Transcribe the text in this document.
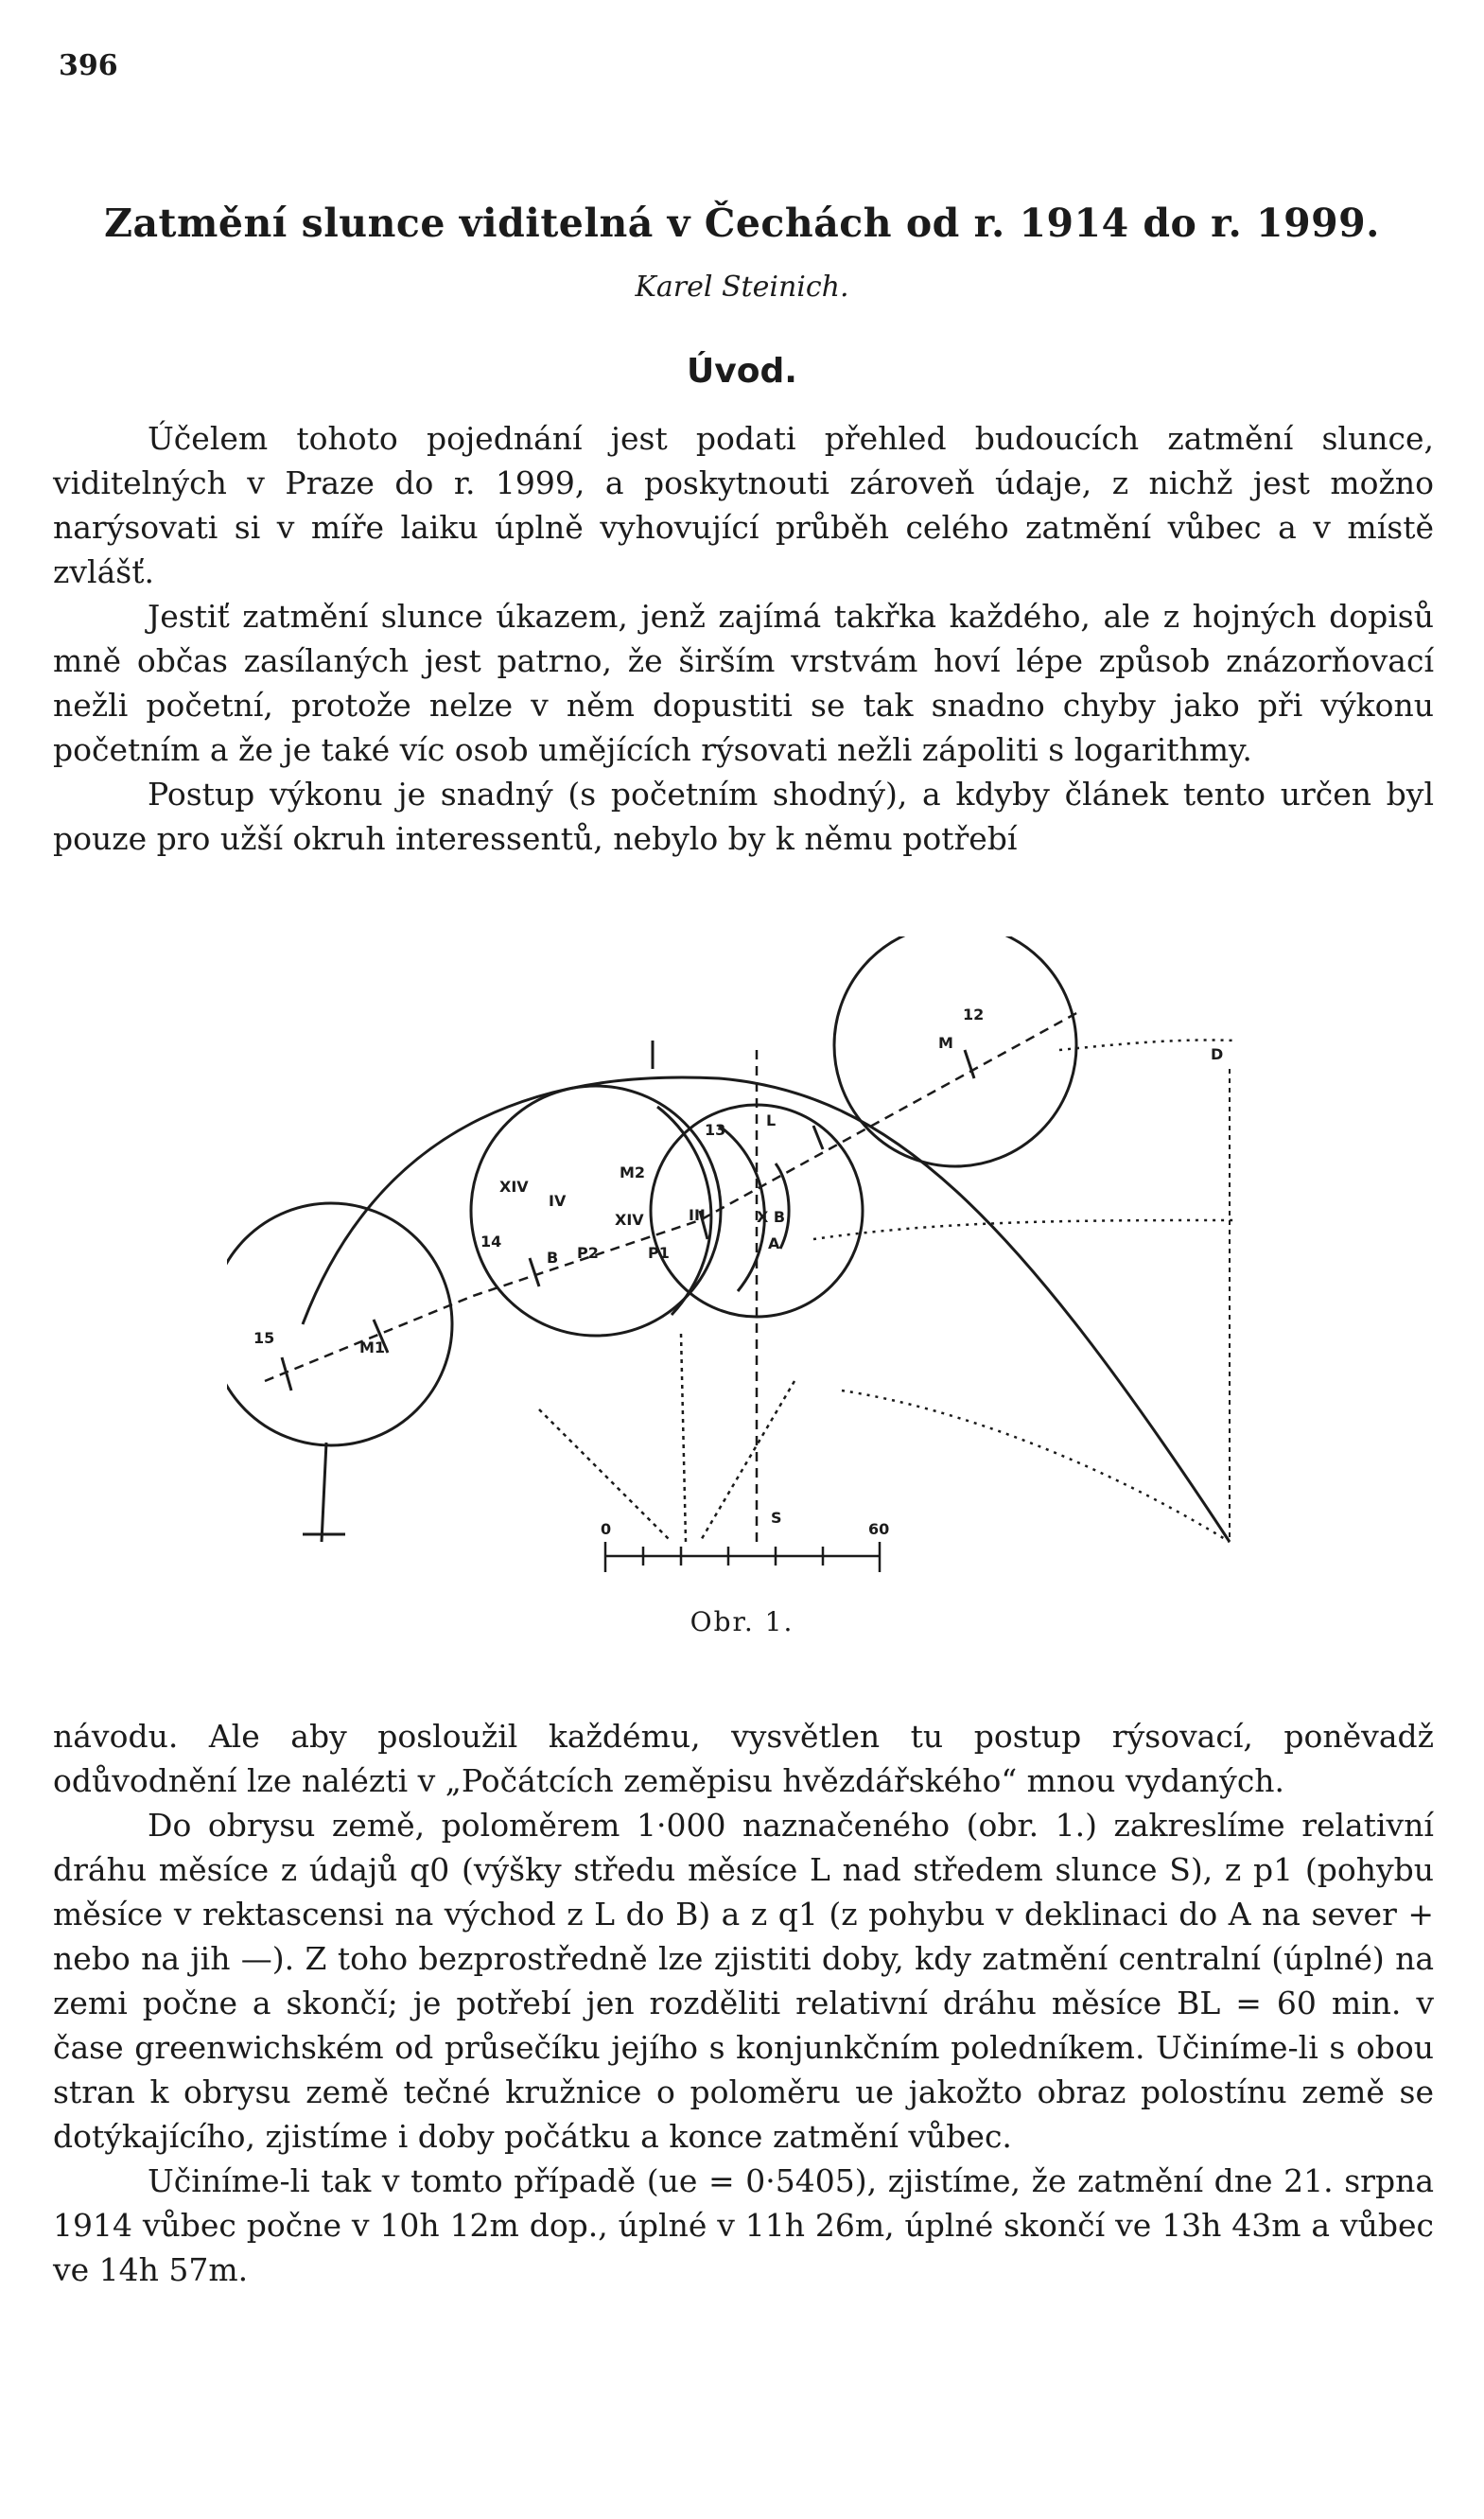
396
Zatmění slunce viditelná v Čechách od r. 1914 do r. 1999.
Karel Steinich.
Úvod.

Účelem tohoto pojednání jest podati přehled budoucích zatmění slunce, viditelných v Praze do r. 1999, a poskytnouti zároveň údaje, z nichž jest možno narýsovati si v míře laiku úplně vyhovující průběh celého zatmění vůbec a v místě zvlášť.

Jestiť zatmění slunce úkazem, jenž zajímá takřka každého, ale z hojných dopisů mně občas zasílaných jest patrno, že širším vrstvám hoví lépe způsob znázorňovací nežli početní, protože nelze v něm dopustiti se tak snadno chyby jako při výkonu početním a že je také víc osob umějících rýsovati nežli zápoliti s logarithmy.

Postup výkonu je snadný (s početním shodný), a kdyby článek tento určen byl pouze pro užší okruh interessentů, nebylo by k němu potřebí

15
M1
14
XIV
IV
XIV
B P2
M2
P1
III
13
L
X B
A
12
M
S
D
0	60
Obr. 1.

návodu. Ale aby posloužil každému, vysvětlen tu postup rýsovací, poněvadž odůvodnění lze nalézti v „Počátcích zeměpisu hvězdářského“ mnou vydaných.

Do obrysu země, poloměrem 1·000 naznačeného (obr. 1.) zakreslíme relativní dráhu měsíce z údajů q0 (výšky středu měsíce L nad středem slunce S), z p1 (pohybu měsíce v rektascensi na východ z L do B) a z q1 (z pohybu v deklinaci do A na sever + nebo na jih —). Z toho bezprostředně lze zjistiti doby, kdy zatmění centralní (úplné) na zemi počne a skončí; je potřebí jen rozděliti relativní dráhu měsíce BL = 60 min. v čase greenwichském od průsečíku jejího s konjunkčním poledníkem. Učiníme-li s obou stran k obrysu země tečné kružnice o poloměru ue jakožto obraz polostínu země se dotýkajícího, zjistíme i doby počátku a konce zatmění vůbec.

Učiníme-li tak v tomto případě (ue = 0·5405), zjistíme, že zatmění dne 21. srpna 1914 vůbec počne v 10h 12m dop., úplné v 11h 26m, úplné skončí ve 13h 43m a vůbec ve 14h 57m.
